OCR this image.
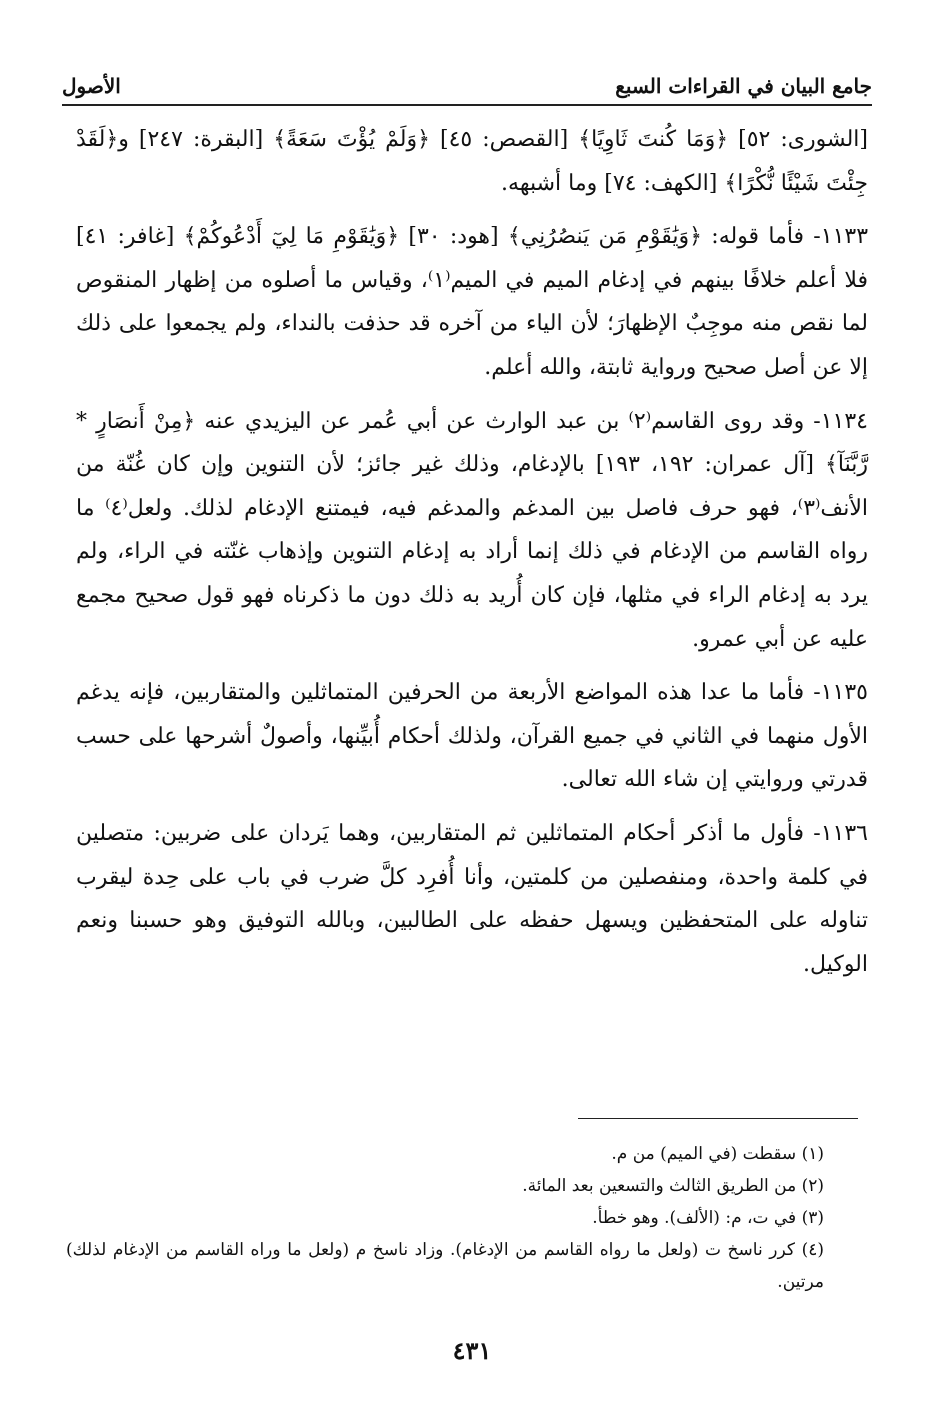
جامع البيان في القراءات السبع
الأصول

[الشورى: ٥٢] ﴿وَمَا كُنتَ ثَاوِيًا﴾ [القصص: ٤٥] ﴿وَلَمْ يُؤْتَ سَعَةً﴾ [البقرة: ٢٤٧] و﴿لَقَدْ جِئْتَ شَيْئًا نُّكْرًا﴾ [الكهف: ٧٤] وما أشبهه.

١١٣٣- فأما قوله: ﴿وَيَٰقَوْمِ مَن يَنصُرُنِي﴾ [هود: ٣٠] ﴿وَيَٰقَوْمِ مَا لِيٓ أَدْعُوكُمْ﴾ [غافر: ٤١] فلا أعلم خلافًا بينهم في إدغام الميم في الميم⁽١⁾، وقياس ما أصلوه من إظهار المنقوص لما نقص منه موجِبٌ الإظهارَ؛ لأن الياء من آخره قد حذفت بالنداء، ولم يجمعوا على ذلك إلا عن أصل صحيح ورواية ثابتة، والله أعلم.

١١٣٤- وقد روى القاسم⁽٢⁾ بن عبد الوارث عن أبي عُمر عن اليزيدي عنه ﴿مِنْ أَنصَارٍ * رَّبَّنَآ﴾ [آل عمران: ١٩٢، ١٩٣] بالإدغام، وذلك غير جائز؛ لأن التنوين وإن كان غُنّة من الأنف⁽٣⁾، فهو حرف فاصل بين المدغم والمدغم فيه، فيمتنع الإدغام لذلك. ولعل⁽٤⁾ ما رواه القاسم من الإدغام في ذلك إنما أراد به إدغام التنوين وإذهاب غنّته في الراء، ولم يرد به إدغام الراء في مثلها، فإن كان أُريد به ذلك دون ما ذكرناه فهو قول صحيح مجمع عليه عن أبي عمرو.

١١٣٥- فأما ما عدا هذه المواضع الأربعة من الحرفين المتماثلين والمتقاربين، فإنه يدغم الأول منهما في الثاني في جميع القرآن، ولذلك أحكام أُبيِّنها، وأصولٌ أشرحها على حسب قدرتي وروايتي إن شاء الله تعالى.

١١٣٦- فأول ما أذكر أحكام المتماثلين ثم المتقاربين، وهما يَردان على ضربين: متصلين في كلمة واحدة، ومنفصلين من كلمتين، وأنا أُفرِد كلَّ ضرب في باب على حِدة ليقرب تناوله على المتحفظين ويسهل حفظه على الطالبين، وبالله التوفيق وهو حسبنا ونعم الوكيل.

(١) سقطت (في الميم) من م.

(٢) من الطريق الثالث والتسعين بعد المائة.

(٣) في ت، م: (الألف). وهو خطأ.

(٤) كرر ناسخ ت (ولعل ما رواه القاسم من الإدغام). وزاد ناسخ م (ولعل ما وراه القاسم من الإدغام لذلك) مرتين.

٤٣١
